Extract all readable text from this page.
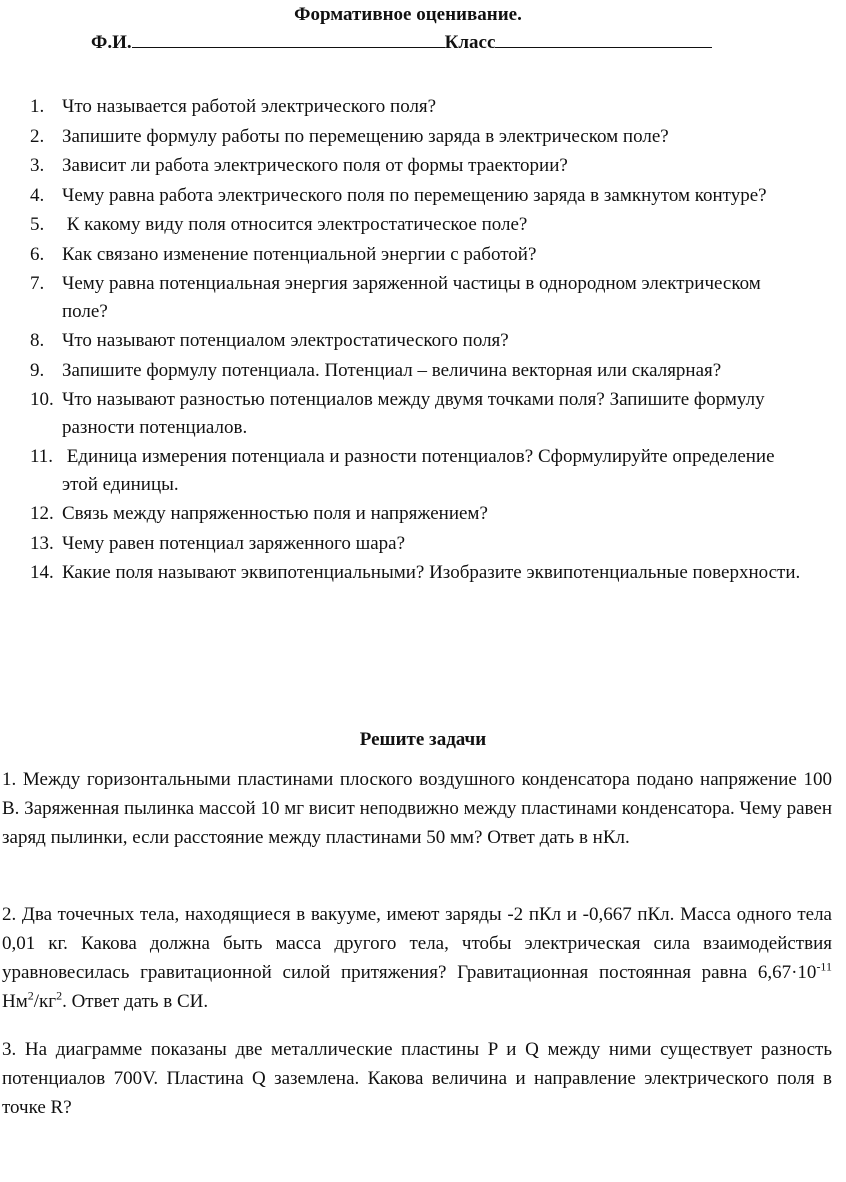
Формативное оценивание.
Ф.И.	Класс
1. Что называется работой электрического поля?
2. Запишите формулу работы по перемещению заряда в электрическом поле?
3. Зависит ли работа электрического поля от формы траектории?
4. Чему равна работа электрического поля по перемещению заряда в замкнутом контуре?
5. К какому виду поля относится электростатическое поле?
6. Как связано изменение потенциальной энергии с работой?
7. Чему равна потенциальная энергия заряженной частицы в однородном электрическом поле?
8. Что называют потенциалом электростатического поля?
9. Запишите формулу потенциала. Потенциал – величина векторная или скалярная?
10. Что называют разностью потенциалов между двумя точками поля? Запишите формулу разности потенциалов.
11. Единица измерения потенциала и разности потенциалов? Сформулируйте определение этой единицы.
12. Связь между напряженностью поля и напряжением?
13. Чему равен потенциал заряженного шара?
14. Какие поля называют эквипотенциальными? Изобразите эквипотенциальные поверхности.
Решите задачи
1. Между горизонтальными пластинами плоского воздушного конденсатора подано напряжение 100 В. Заряженная пылинка массой 10 мг висит неподвижно между пластинами конденсатора. Чему равен заряд пылинки, если расстояние между пластинами 50 мм? Ответ дать в нКл.
2. Два точечных тела, находящиеся в вакууме, имеют заряды -2 пКл и -0,667 пКл. Масса одного тела 0,01 кг. Какова должна быть масса другого тела, чтобы электрическая сила взаимодействия уравновесилась гравитационной силой притяжения? Гравитационная постоянная равна $6,67\cdot 10^{-11}$ $Нм^2/кг^2$. Ответ дать в СИ.
3. На диаграмме показаны две металлические пластины P и Q между ними существует разность потенциалов 700V. Пластина Q заземлена. Какова величина и направление электрического поля в точке R?
